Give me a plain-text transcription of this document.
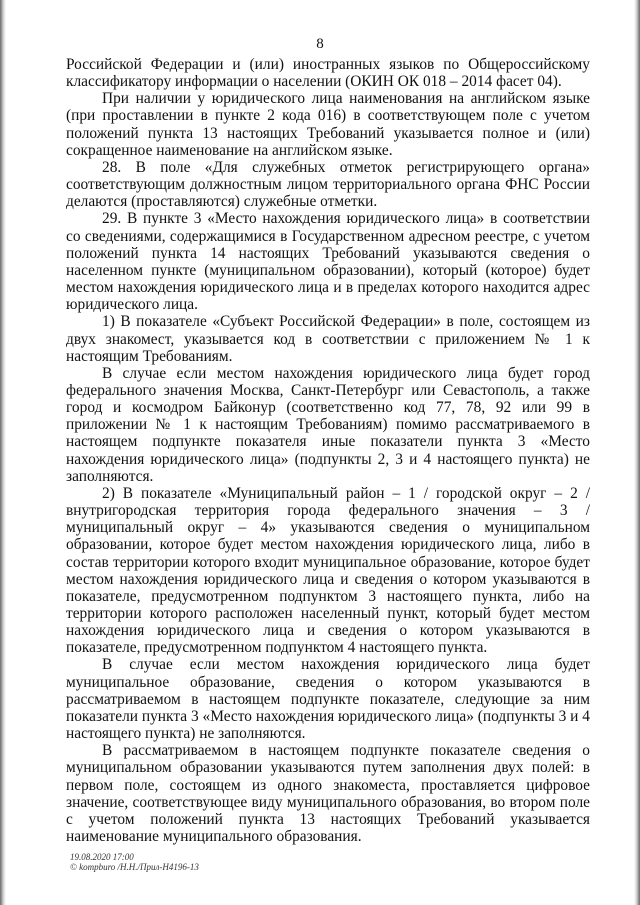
8

Российской Федерации и (или) иностранных языков по Общероссийскому классификатору информации о населении (ОКИН ОК 018 – 2014 фасет 04).

При наличии у юридического лица наименования на английском языке (при проставлении в пункте 2 кода 016) в соответствующем поле с учетом положений пункта 13 настоящих Требований указывается полное и (или) сокращенное наименование на английском языке.

28. В поле «Для служебных отметок регистрирующего органа» соответствующим должностным лицом территориального органа ФНС России делаются (проставляются) служебные отметки.

29. В пункте 3 «Место нахождения юридического лица» в соответствии со сведениями, содержащимися в Государственном адресном реестре, с учетом положений пункта 14 настоящих Требований указываются сведения о населенном пункте (муниципальном образовании), который (которое) будет местом нахождения юридического лица и в пределах которого находится адрес юридического лица.

1) В показателе «Субъект Российской Федерации» в поле, состоящем из двух знакомест, указывается код в соответствии с приложением № 1 к настоящим Требованиям.

В случае если местом нахождения юридического лица будет город федерального значения Москва, Санкт-Петербург или Севастополь, а также город и космодром Байконур (соответственно код 77, 78, 92 или 99 в приложении № 1 к настоящим Требованиям) помимо рассматриваемого в настоящем подпункте показателя иные показатели пункта 3 «Место нахождения юридического лица» (подпункты 2, 3 и 4 настоящего пункта) не заполняются.

2) В показателе «Муниципальный район – 1 / городской округ – 2 / внутригородская территория города федерального значения – 3 / муниципальный округ – 4» указываются сведения о муниципальном образовании, которое будет местом нахождения юридического лица, либо в состав территории которого входит муниципальное образование, которое будет местом нахождения юридического лица и сведения о котором указываются в показателе, предусмотренном подпунктом 3 настоящего пункта, либо на территории которого расположен населенный пункт, который будет местом нахождения юридического лица и сведения о котором указываются в показателе, предусмотренном подпунктом 4 настоящего пункта.

В случае если местом нахождения юридического лица будет муниципальное образование, сведения о котором указываются в рассматриваемом в настоящем подпункте показателе, следующие за ним показатели пункта 3 «Место нахождения юридического лица» (подпункты 3 и 4 настоящего пункта) не заполняются.

В рассматриваемом в настоящем подпункте показателе сведения о муниципальном образовании указываются путем заполнения двух полей: в первом поле, состоящем из одного знакоместа, проставляется цифровое значение, соответствующее виду муниципального образования, во втором поле с учетом положений пункта 13 настоящих Требований указывается наименование муниципального образования.

19.08.2020 17:00
© kompburo /Н.Н./Прил-Н4196-13
